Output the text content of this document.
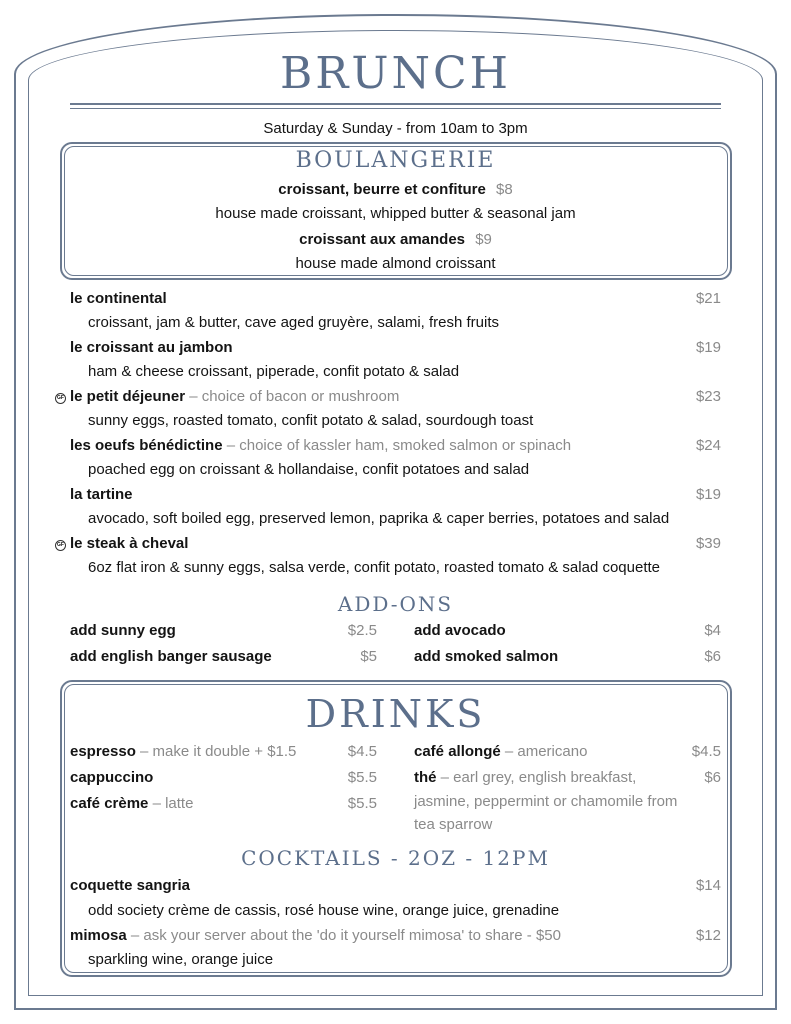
BRUNCH
Saturday & Sunday - from 10am to 3pm
BOULANGERIE
croissant, beurre et confiture $8
house made croissant, whipped butter & seasonal jam
croissant aux amandes $9
house made almond croissant
le continental	$21
croissant, jam & butter, cave aged gruyère, salami, fresh fruits
le croissant au jambon	$19
ham & cheese croissant, piperade, confit potato & salad
le petit déjeuner – choice of bacon or mushroom
GF	$23
sunny eggs, roasted tomato, confit potato & salad, sourdough toast
les oeufs bénédictine – choice of kassler ham, smoked salmon or spinach	$24
poached egg on croissant & hollandaise, confit potatoes and salad
la tartine	$19
avocado, soft boiled egg, preserved lemon, paprika & caper berries, potatoes and salad
le steak à cheval
GF	$39
6oz flat iron & sunny eggs, salsa verde, confit potato, roasted tomato & salad coquette
ADD-ONS
add sunny egg	$2.5
add english banger sausage	$5
add avocado	$4
add smoked salmon	$6
DRINKS
espresso – make it double + $1.5	$4.5
cappuccino	$5.5
café crème – latte	$5.5
café allongé – americano	$4.5
thé – earl grey, english breakfast,	$6
jasmine, peppermint or chamomile from
tea sparrow
COCKTAILS - 2OZ - 12PM
coquette sangria	$14
odd society crème de cassis, rosé house wine, orange juice, grenadine
mimosa – ask your server about the 'do it yourself mimosa' to share - $50	$12
sparkling wine, orange juice
